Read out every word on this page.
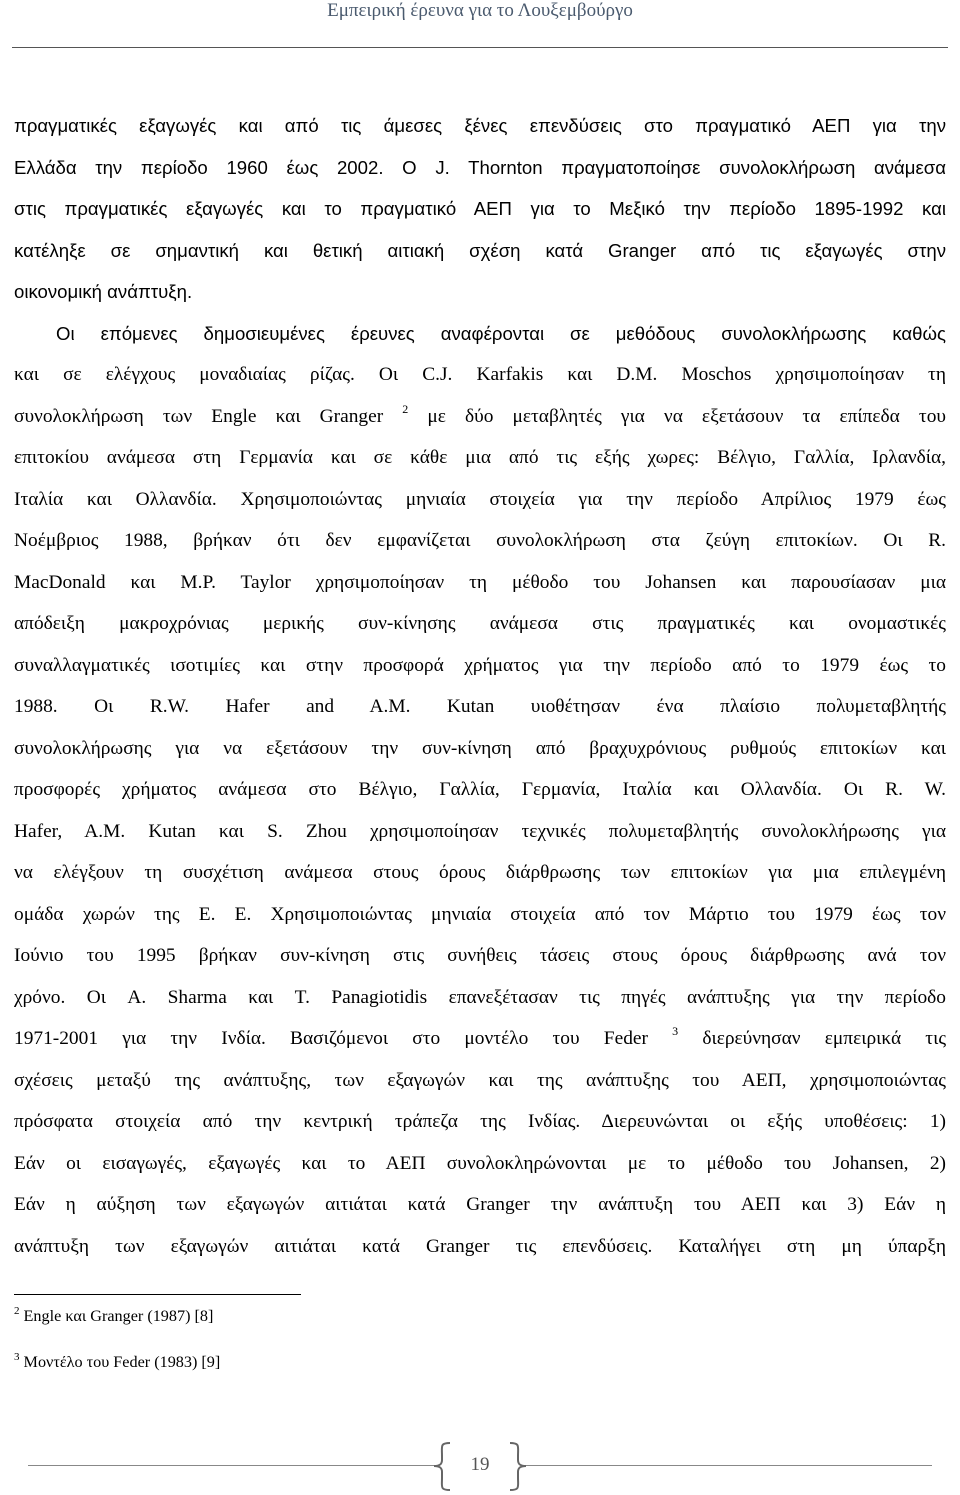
Εμπειρική έρευνα για το Λουξεμβούργο
πραγματικές εξαγωγές και από τις άμεσες ξένες επενδύσεις στο πραγματικό ΑΕΠ για την
Ελλάδα την περίοδο 1960 έως 2002. O J. Thornton πραγματοποίησε συνολοκλήρωση ανάμεσα
στις πραγματικές εξαγωγές και το πραγματικό ΑΕΠ για το Μεξικό την περίοδο 1895-1992 και
κατέληξε σε σημαντική και θετική αιτιακή σχέση κατά Granger από τις εξαγωγές στην
οικονομική ανάπτυξη.
Οι επόμενες δημοσιευμένες έρευνες αναφέρονται σε μεθόδους συνολοκλήρωσης καθώς
και σε ελέγχους μοναδιαίας ρίζας. Οι C.J. Karfakis και D.M. Moschos χρησιμοποίησαν τη
συνολοκλήρωση των Engle και Granger $^2$ με δύο μεταβλητές για να εξετάσουν τα επίπεδα του
επιτοκίου ανάμεσα στη Γερμανία και σε κάθε μια από τις εξής χωρες: Βέλγιο, Γαλλία, Ιρλανδία,
Ιταλία και Ολλανδία. Χρησιμοποιώντας μηνιαία στοιχεία για την περίοδο Απρίλιος 1979 έως
Νοέμβριος 1988, βρήκαν ότι δεν εμφανίζεται συνολοκλήρωση στα ζεύγη επιτοκίων. Οι R.
MacDonald και M.P. Taylor χρησιμοποίησαν τη μέθοδο του Johansen και παρουσίασαν μια
απόδειξη μακροχρόνιας μερικής συν-κίνησης ανάμεσα στις πραγματικές και ονομαστικές
συναλλαγματικές ισοτιμίες και στην προσφορά χρήματος για την περίοδο από το 1979 έως το
1988. Οι R.W. Hafer and A.M. Kutan υιοθέτησαν ένα πλαίσιο πολυμεταβλητής
συνολοκλήρωσης για να εξετάσουν την συν-κίνηση από βραχυχρόνιους ρυθμούς επιτοκίων και
προσφορές χρήματος ανάμεσα στο Βέλγιο, Γαλλία, Γερμανία, Ιταλία και Ολλανδία. Οι R. W.
Hafer, A.M. Kutan και S. Zhou χρησιμοποίησαν τεχνικές πολυμεταβλητής συνολοκλήρωσης για
να ελέγξουν τη συσχέτιση ανάμεσα στους όρους διάρθρωσης των επιτοκίων για μια επιλεγμένη
ομάδα χωρών της Ε. Ε. Χρησιμοποιώντας μηνιαία στοιχεία από τον Μάρτιο του 1979 έως τον
Ιούνιο του 1995 βρήκαν συν-κίνηση στις συνήθεις τάσεις στους όρους διάρθρωσης ανά τον
χρόνο. Οι A. Sharma και T. Panagiotidis επανεξέτασαν τις πηγές ανάπτυξης για την περίοδο
1971-2001 για την Ινδία. Βασιζόμενοι στο μοντέλο του Feder $^3$ διερεύνησαν εμπειρικά τις
σχέσεις μεταξύ της ανάπτυξης, των εξαγωγών και της ανάπτυξης του ΑΕΠ, χρησιμοποιώντας
πρόσφατα στοιχεία από την κεντρική τράπεζα της Ινδίας. Διερευνώνται οι εξής υποθέσεις: 1)
Εάν οι εισαγωγές, εξαγωγές και το ΑΕΠ συνολοκληρώνονται με το μέθοδο του Johansen, 2)
Εάν η αύξηση των εξαγωγών αιτιάται κατά Granger την ανάπτυξη του ΑΕΠ και 3) Εάν η
ανάπτυξη των εξαγωγών αιτιάται κατά Granger τις επενδύσεις. Καταλήγει στη μη ύπαρξη
$^2$ Engle και Granger (1987) [8]
$^3$ Μοντέλο του Feder (1983) [9]
19
